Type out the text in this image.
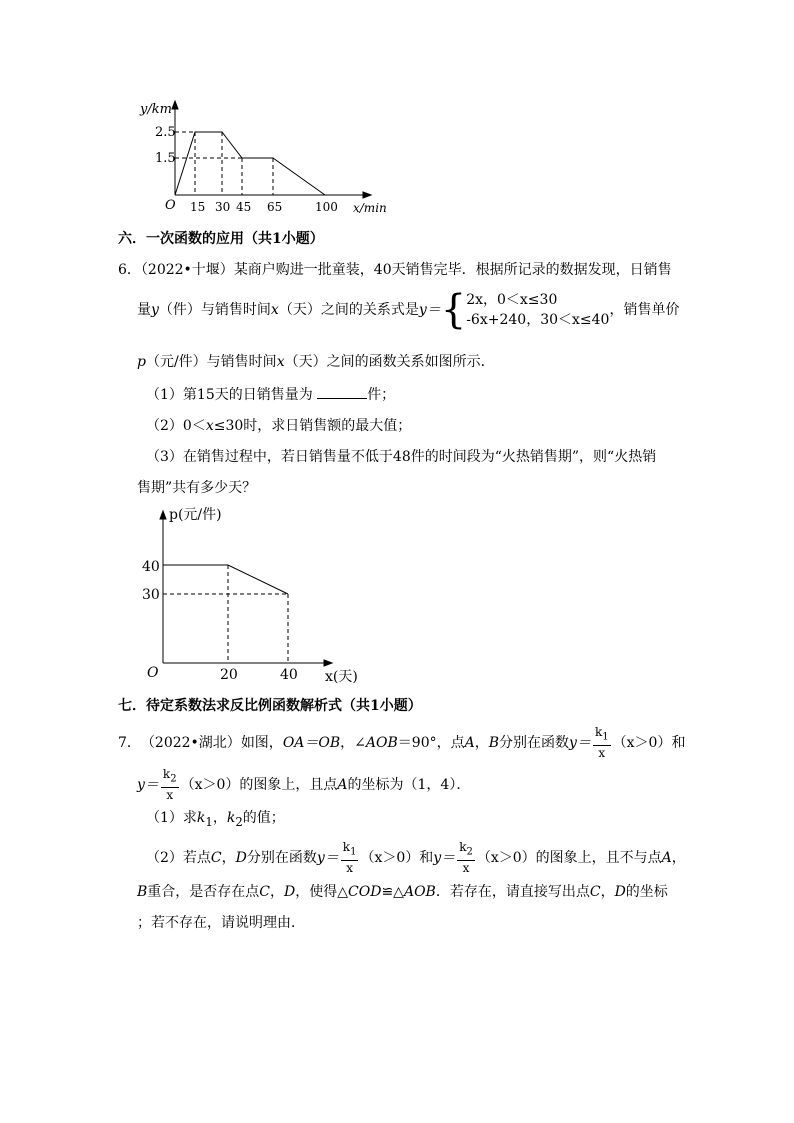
y/km
2.5
1.5
O 15 30 45 65	100 x/min
六．一次函数的应用（共1小题）
6．（2022•十堰）某商户购进一批童装，40天销售完毕．根据所记录的数据发现，日销售
量 y （件）与销售时间 x （天）之间的关系式是 y＝ { 2x，0＜x≤30
-6x+240，30＜x≤40
，销售单价
p（元/件）与销售时间x（天）之间的函数关系如图所示．
（1）第15天的日销售量为	件；
（2）0＜x≤30时，求日销售额的最大值；
（3）在销售过程中，若日销售量不低于48件的时间段为“火热销售期”，则“火热销
售期”共有多少天？
p(元/件)
40
30
O	20	40 x(天)
七．待定系数法求反比例函数解析式（共1小题）
7． （2022•湖北） 如图， OA＝OB ，∠ AOB ＝90°，点 A ， B 分别在函数 $y= \frac{k_1}{x} (x>0)$ 和
$y= \frac{k_2}{x} (x>0)$ 的图象上，且点 A 的坐标为（1，4）．
（1）求$k_1$，$k_2$的值；
（2）若点 C ， D 分别在函数 $y= \frac{k_1}{x} (x>0)$ 和 $y= \frac{k_2}{x} (x>0)$ 的图象上，且不与点 A ，
B重合，是否存在点C，D，使得△COD≌△AOB．若存在，请直接写出点C，D的坐标
；若不存在，请说明理由．
